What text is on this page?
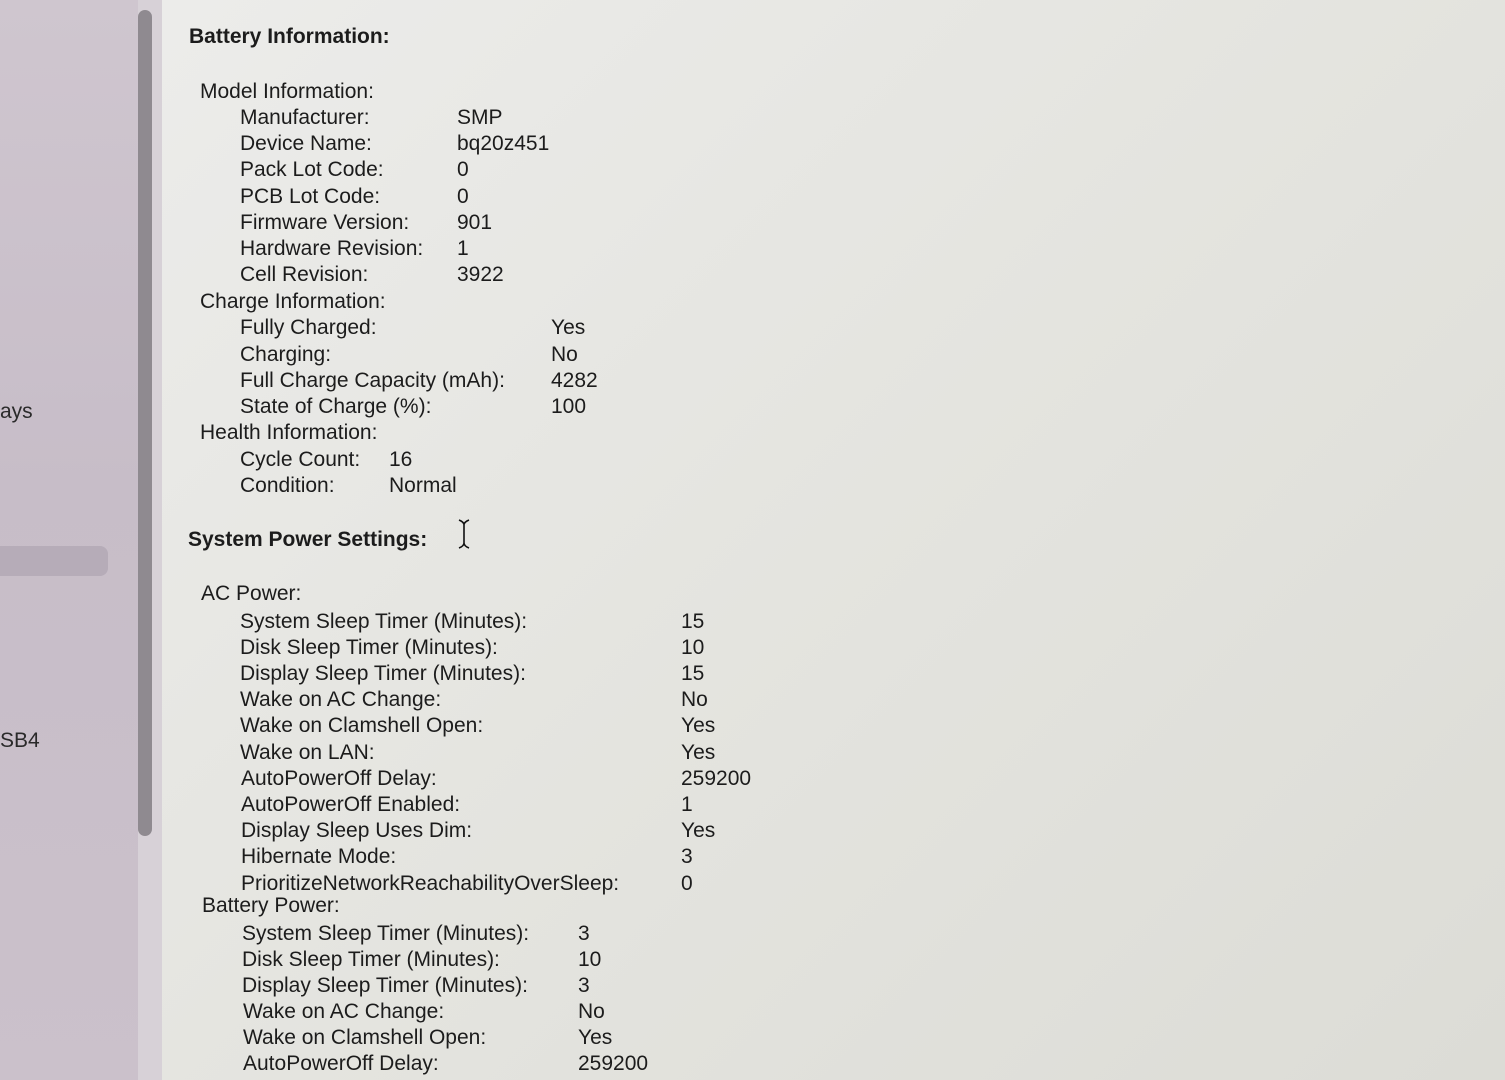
ays
SB4
Battery Information:
Model Information:
Manufacturer:	SMP
Device Name:	bq20z451
Pack Lot Code:	0
PCB Lot Code:	0
Firmware Version: 901
Hardware Revision: 1
Cell Revision:	3922
Charge Information:
Fully Charged:	Yes
Charging:	No
Full Charge Capacity (mAh): 4282
State of Charge (%):	100
Health Information:
Cycle Count: 16
Condition:	Normal
System Power Settings:
AC Power:
System Sleep Timer (Minutes):	15
Disk Sleep Timer (Minutes):	10
Display Sleep Timer (Minutes):	15
Wake on AC Change:	No
Wake on Clamshell Open:	Yes
Wake on LAN:	Yes
AutoPowerOff Delay:	259200
AutoPowerOff Enabled:	1
Display Sleep Uses Dim:	Yes
Hibernate Mode:	3
PrioritizeNetworkReachabilityOverSleep:	0
Battery Power:
System Sleep Timer (Minutes): 3
Disk Sleep Timer (Minutes):	10
Display Sleep Timer (Minutes): 3
Wake on AC Change:	No
Wake on Clamshell Open:	Yes
AutoPowerOff Delay:	259200
